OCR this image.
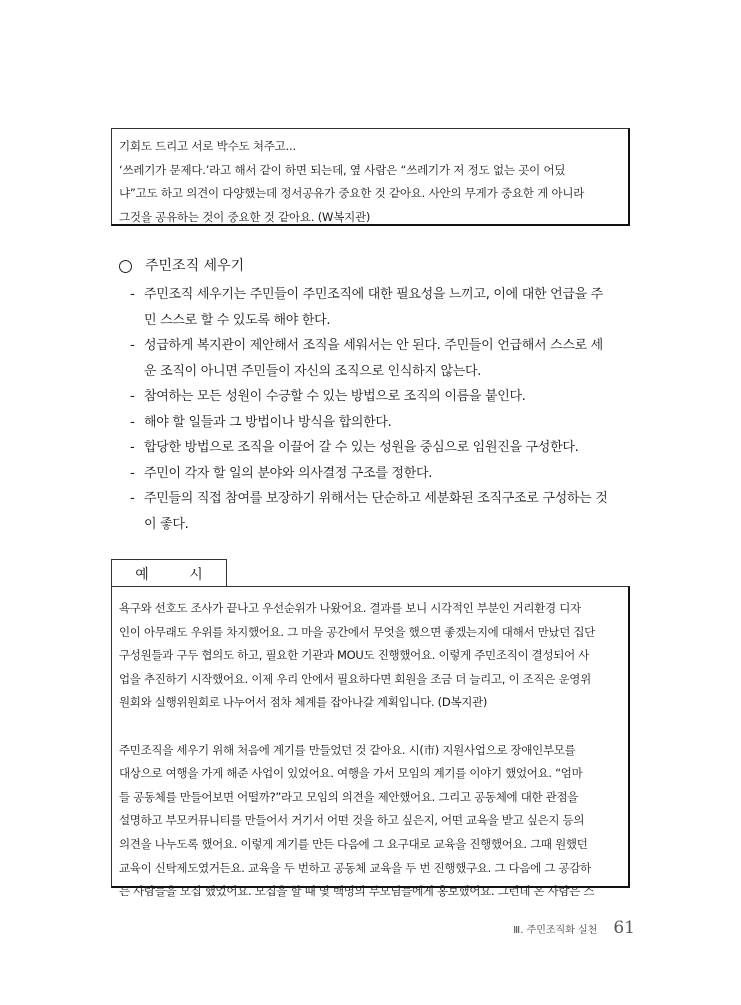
기회도 드리고 서로 박수도 쳐주고...

‘쓰레기가 문제다.’라고 해서 같이 하면 되는데, 옆 사람은 “쓰레기가 저 정도 없는 곳이 어딨

냐”고도 하고 의견이 다양했는데 정서공유가 중요한 것 같아요. 사안의 무게가 중요한 게 아니라

그것을 공유하는 것이 중요한 것 같아요. (W복지관)

주민조직 세우기
- 주민조직 세우기는 주민들이 주민조직에 대한 필요성을 느끼고, 이에 대한 언급을 주
민 스스로 할 수 있도록 해야 한다.
- 성급하게 복지관이 제안해서 조직을 세워서는 안 된다. 주민들이 언급해서 스스로 세
운 조직이 아니면 주민들이 자신의 조직으로 인식하지 않는다.
- 참여하는 모든 성원이 수긍할 수 있는 방법으로 조직의 이름을 붙인다.
- 해야 할 일들과 그 방법이나 방식을 합의한다.
- 합당한 방법으로 조직을 이끌어 갈 수 있는 성원을 중심으로 임원진을 구성한다.
- 주민이 각자 할 일의 분야와 의사결정 구조를 정한다.
- 주민들의 직접 참여를 보장하기 위해서는 단순하고 세분화된 조직구조로 구성하는 것
이 좋다.
예 시

욕구와 선호도 조사가 끝나고 우선순위가 나왔어요. 결과를 보니 시각적인 부분인 거리환경 디자

인이 아무래도 우위를 차지했어요. 그 마을 공간에서 무엇을 했으면 좋겠는지에 대해서 만났던 집단

구성원들과 구두 협의도 하고, 필요한 기관과 MOU도 진행했어요. 이렇게 주민조직이 결성되어 사

업을 추진하기 시작했어요. 이제 우리 안에서 필요하다면 회원을 조금 더 늘리고, 이 조직은 운영위

원회와 실행위원회로 나누어서 점차 체계를 잡아나갈 계획입니다. (D복지관)

주민조직을 세우기 위해 처음에 계기를 만들었던 것 같아요. 시(市) 지원사업으로 장애인부모를

대상으로 여행을 가게 해준 사업이 있었어요. 여행을 가서 모임의 계기를 이야기 했었어요. “엄마

들 공동체를 만들어보면 어떨까?”라고 모임의 의견을 제안했어요. 그리고 공동체에 대한 관점을

설명하고 부모커뮤니티를 만들어서 거기서 어떤 것을 하고 싶은지, 어떤 교육을 받고 싶은지 등의

의견을 나누도록 했어요. 이렇게 계기를 만든 다음에 그 요구대로 교육을 진행했어요. 그때 원했던

교육이 신탁제도였거든요. 교육을 두 번하고 공동체 교육을 두 번 진행했구요. 그 다음에 그 공감하

는 사람들을 모집 했었어요. 모집을 할 때 몇 백명의 부모님들에게 홍보했어요. 그런데 온 사람은 스

Ⅲ. 주민조직화 실천 61
